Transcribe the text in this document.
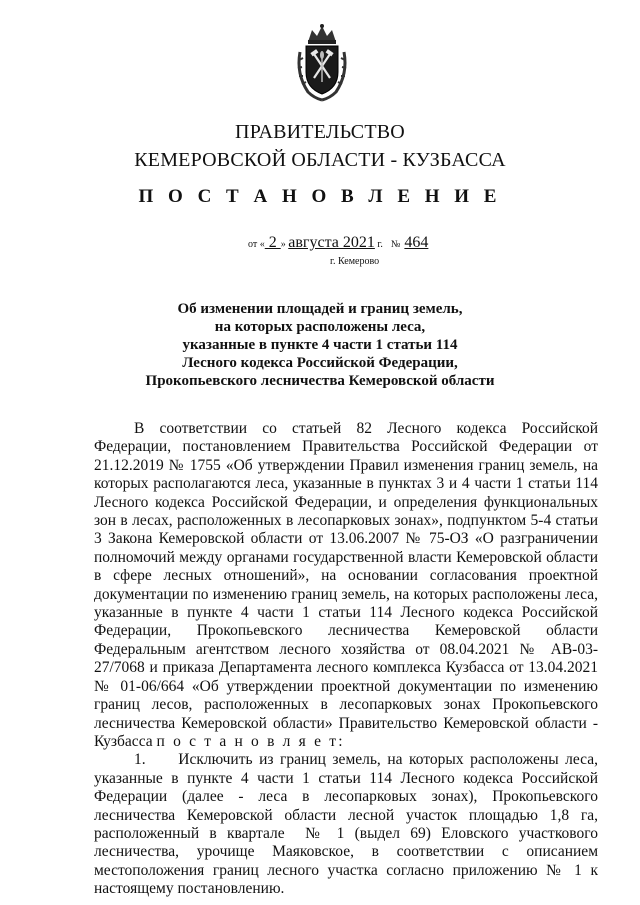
ПРАВИТЕЛЬСТВО
КЕМЕРОВСКОЙ ОБЛАСТИ - КУЗБАССА
П О С Т А Н О В Л Е Н И Е
от « 2 » августа 2021 г. № 464
г. Кемерово
Об изменении площадей и границ земель,
на которых расположены леса,
указанные в пункте 4 части 1 статьи 114
Лесного кодекса Российской Федерации,
Прокопьевского лесничества Кемеровской области

В соответствии со статьей 82 Лесного кодекса Российской Федерации, постановлением Правительства Российской Федерации от 21.12.2019 № 1755 «Об утверждении Правил изменения границ земель, на которых располагаются леса, указанные в пунктах 3 и 4 части 1 статьи 114 Лесного кодекса Российской Федерации, и определения функциональных зон в лесах, расположенных в лесопарковых зонах», подпунктом 5-4 статьи 3 Закона Кемеровской области от 13.06.2007 № 75-ОЗ «О разграничении полномочий между органами государственной власти Кемеровской области в сфере лесных отношений», на основании согласования проектной документации по изменению границ земель, на которых расположены леса, указанные в пункте 4 части 1 статьи 114 Лесного кодекса Российской Федерации, Прокопьевского лесничества Кемеровской области Федеральным агентством лесного хозяйства от 08.04.2021 № АВ-03-27/7068 и приказа Департамента лесного комплекса Кузбасса от 13.04.2021 № 01-06/664 «Об утверждении проектной документации по изменению границ лесов, расположенных в лесопарковых зонах Прокопьевского лесничества Кемеровской области» Правительство Кемеровской области - Кузбасса п о с т а н о в л я е т:

1.     Исключить из границ земель, на которых расположены леса, указанные в пункте 4 части 1 статьи 114 Лесного кодекса Российской Федерации (далее - леса в лесопарковых зонах), Прокопьевского лесничества Кемеровской области лесной участок площадью 1,8 га, расположенный в квартале  № 1 (выдел 69) Еловского участкового лесничества, урочище Маяковское, в соответствии с описанием местоположения границ лесного участка согласно приложению № 1 к настоящему постановлению.
